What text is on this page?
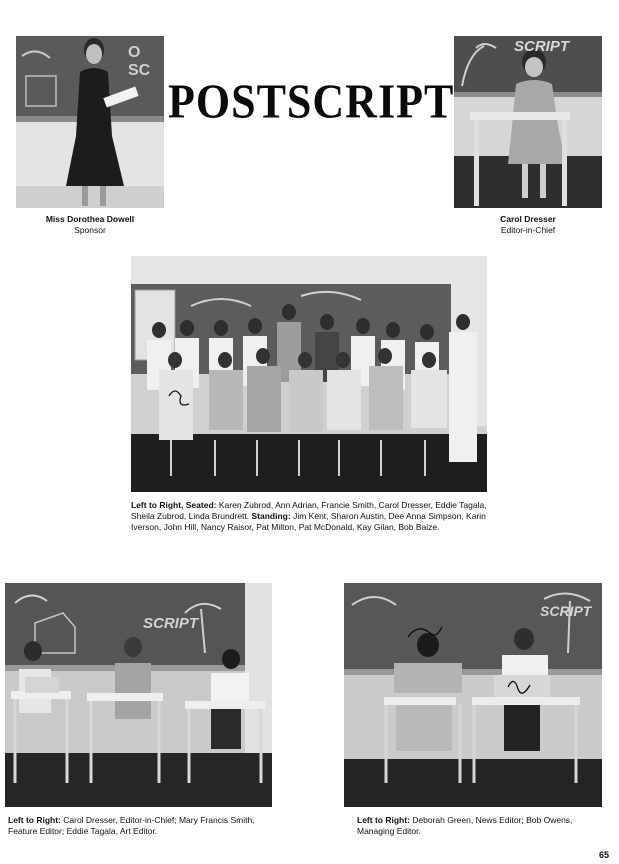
O SC
Miss Dorothea Dowell
Sponsor
POSTSCRIPT
SCRIPT
Carol Dresser
Editor-in-Chief
Left to Right, Seated: Karen Zubrod, Ann Adrian, Francie Smith, Carol Dresser, Eddie Tagala, Sheila Zubrod, Linda Brundrett. Standing: Jim Kent, Sharon Austin, Dee Anna Simpson, Karin Iverson, John Hill, Nancy Raisor, Pat Milton, Pat McDonald, Kay Gilan, Bob Baize.
SCRIPT
Left to Right: Carol Dresser, Editor-in-Chief; Mary Francis Smith, Feature Editor; Eddie Tagala, Art Editor.
SCRIPT
Left to Right: Deborah Green, News Editor; Bob Owens, Managing Editor.
65
